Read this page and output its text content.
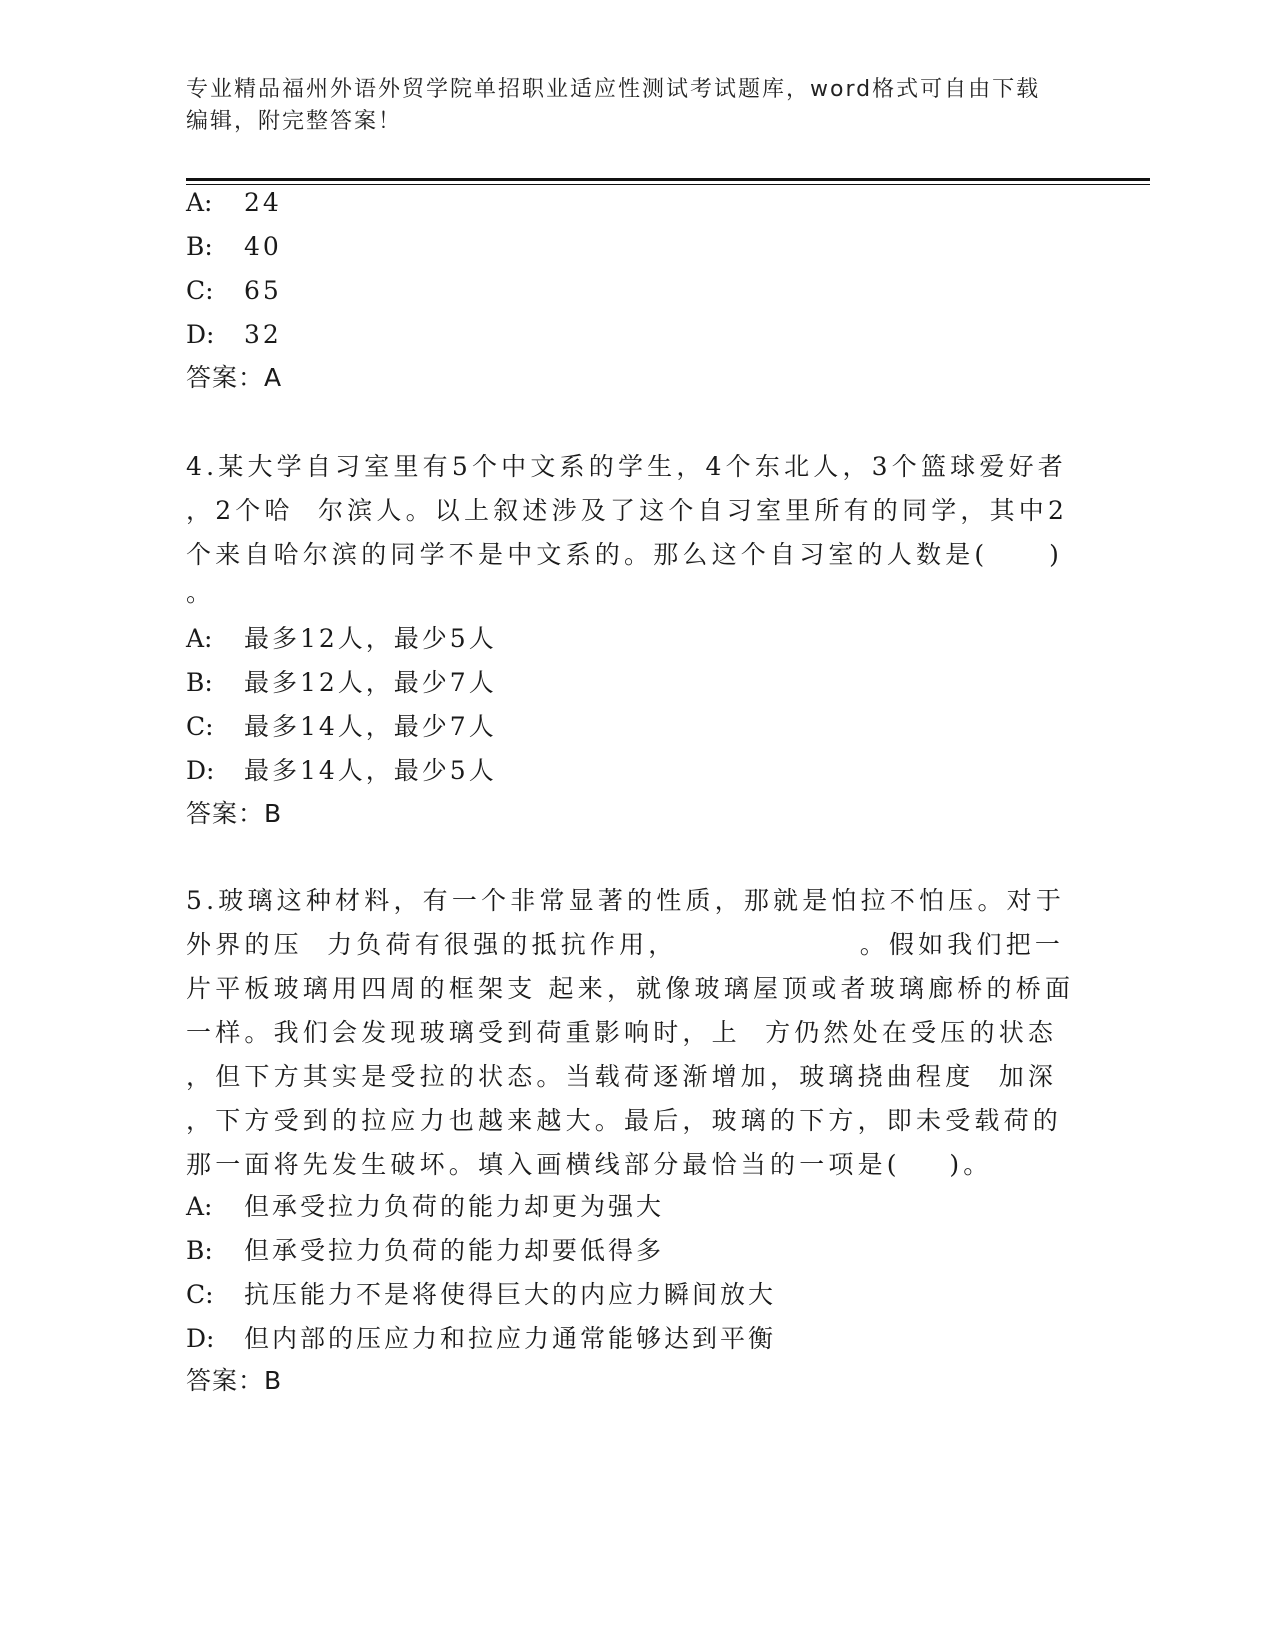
专业精品福州外语外贸学院单招职业适应性测试考试题库，word格式可自由下载
编辑，附完整答案！
A: 24
B: 40
C: 65
D: 32
答案：A
4.某大学自习室里有5个中文系的学生，4个东北人，3个篮球爱好者
，2个哈  尔滨人。以上叙述涉及了这个自习室里所有的同学，其中2
个来自哈尔滨的同学不是中文系的。那么这个自习室的人数是(     )
。
A: 最多12人，最少5人
B: 最多12人，最少7人
C: 最多14人，最少7人
D: 最多14人，最少5人
答案：B
5.玻璃这种材料，有一个非常显著的性质，那就是怕拉不怕压。对于
外界的压  力负荷有很强的抵抗作用，               。假如我们把一
片平板玻璃用四周的框架支 起来，就像玻璃屋顶或者玻璃廊桥的桥面
一样。我们会发现玻璃受到荷重影响时，上  方仍然处在受压的状态
，但下方其实是受拉的状态。当载荷逐渐增加，玻璃挠曲程度  加深
，下方受到的拉应力也越来越大。最后，玻璃的下方，即未受载荷的
那一面将先发生破坏。填入画横线部分最恰当的一项是(    )。
A: 但承受拉力负荷的能力却更为强大
B: 但承受拉力负荷的能力却要低得多
C: 抗压能力不是将使得巨大的内应力瞬间放大
D: 但内部的压应力和拉应力通常能够达到平衡
答案：B
